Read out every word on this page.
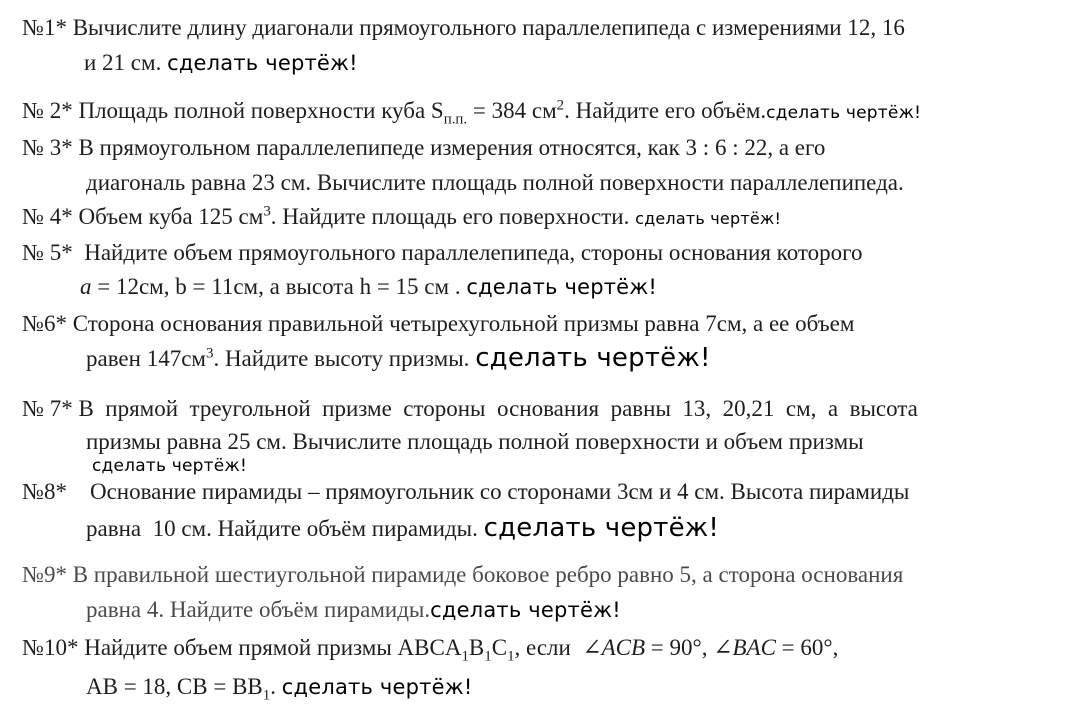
№1* Вычислите длину диагонали прямоугольного параллелепипеда с измерениями 12, 16
и 21 см. сделать чертёж!
№ 2* Площадь полной поверхности куба $S_{п.п.} = 384$ $см^2$. Найдите его объём.сделать чертёж!
№ 3* В прямоугольном параллелепипеде измерения относятся, как 3 : 6 : 22, а его
диагональ равна 23 см. Вычислите площадь полной поверхности параллелепипеда.
№ 4* Объем куба 125 $см^3$. Найдите площадь его поверхности. сделать чертёж!
№ 5* Найдите объем прямоугольного параллелепипеда, стороны основания которого
a = 12см, b = 11см, а высота h = 15 см . сделать чертёж!
№6* Сторона основания правильной четырехугольной призмы равна 7см, а ее объем
равен $147см^3$. Найдите высоту призмы. сделать чертёж!
№ 7* В  прямой  треугольной  призме  стороны  основания  равны  13,  20,21  см,  а  высота
призмы равна 25 см. Вычислите площадь полной поверхности и объем призмы
сделать чертёж!
№8* Основание пирамиды – прямоугольник со сторонами 3см и 4 см. Высота пирамиды
равна  10 см. Найдите объём пирамиды. сделать чертёж!
№9* В правильной шестиугольной пирамиде боковое ребро равно 5, а сторона основания
равна 4. Найдите объём пирамиды.сделать чертёж!
№10* Найдите объем прямой призмы $ABCA_1B_1C_1$, если  ∠ACB = 90°, ∠BAC = 60°,
AB = 18, CB = $BB_1$. сделать чертёж!
